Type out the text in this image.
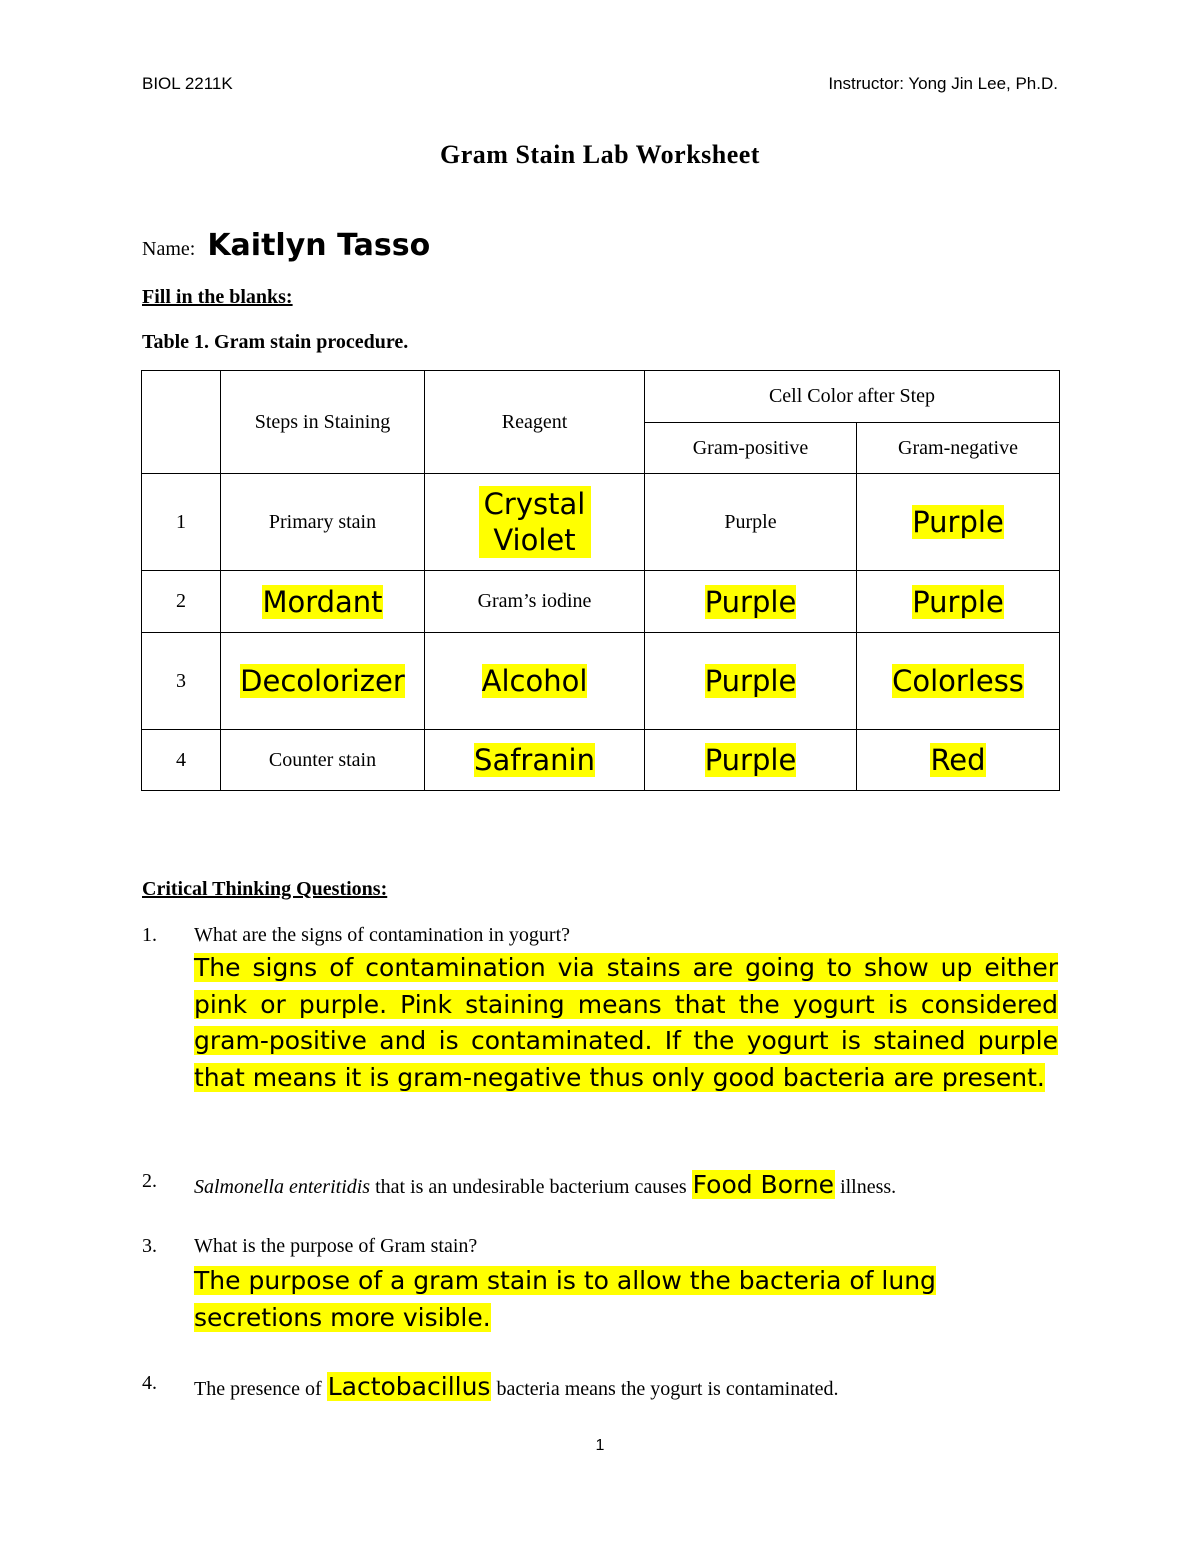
BIOL 2211K	Instructor: Yong Jin Lee, Ph.D.
Gram Stain Lab Worksheet
Name: Kaitlyn Tasso
Fill in the blanks:
Table 1. Gram stain procedure.
	Steps in Staining	Reagent	Cell Color after Step	
			Gram-positive	Gram-negative
1	Primary stain	Crystal Violet	Purple	Purple
2	Mordant	Gram’s iodine	Purple	Purple
3	Decolorizer	Alcohol	Purple	Colorless
4	Counter stain	Safranin	Purple	Red
Critical Thinking Questions:
1. What are the signs of contamination in yogurt?
The signs of contamination via stains are going to show up either pink or purple. Pink staining means that the yogurt is considered gram-positive and is contaminated. If the yogurt is stained purple that means it is gram-negative thus only good bacteria are present.
2. Salmonella enteritidis that is an undesirable bacterium causes Food Borne illness.
3. What is the purpose of Gram stain?
The purpose of a gram stain is to allow the bacteria of lung secretions more visible.
4. The presence of Lactobacillus bacteria means the yogurt is contaminated.
1
